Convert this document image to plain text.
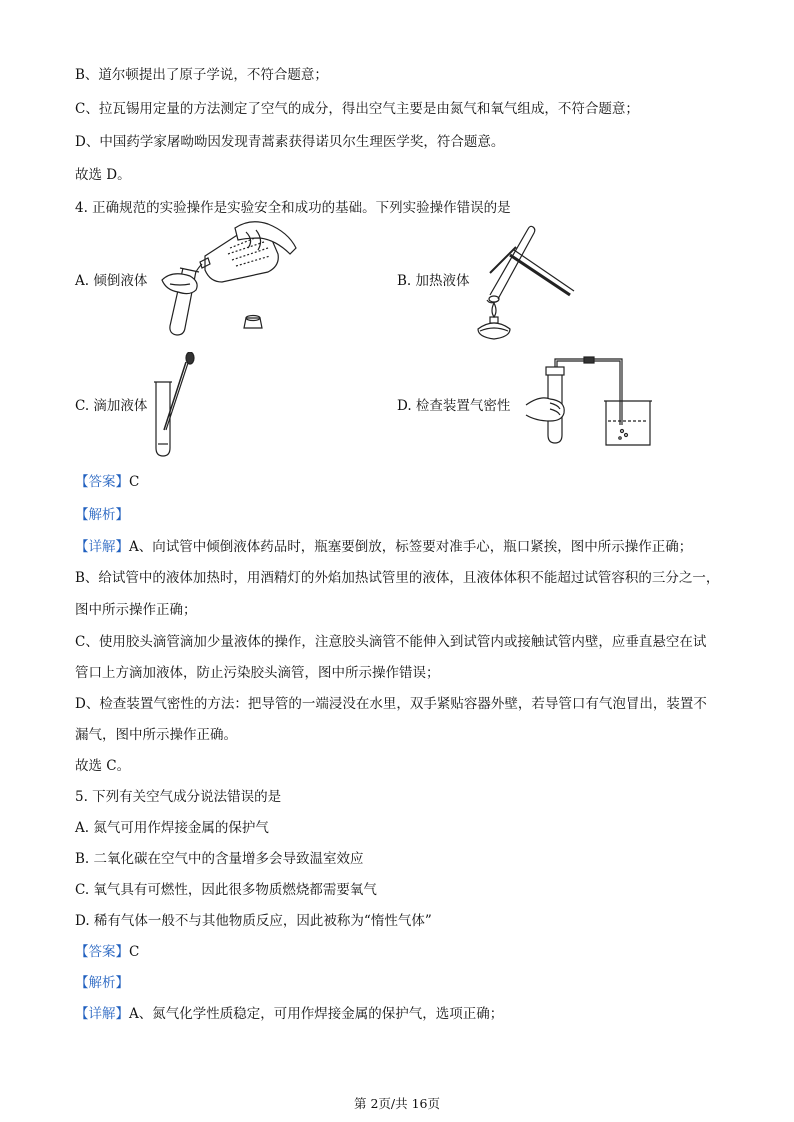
B、道尔顿提出了原子学说，不符合题意；
C、拉瓦锡用定量的方法测定了空气的成分，得出空气主要是由氮气和氧气组成，不符合题意；
D、中国药学家屠呦呦因发现青蒿素获得诺贝尔生理医学奖，符合题意。
故选 D。
4. 正确规范的实验操作是实验安全和成功的基础。下列实验操作错误的是
A. 倾倒液体	B. 加热液体
C. 滴加液体	D. 检查装置气密性
【答案】C
【解析】
【详解】A、向试管中倾倒液体药品时，瓶塞要倒放，标签要对准手心，瓶口紧挨，图中所示操作正确；
B、给试管中的液体加热时，用酒精灯的外焰加热试管里的液体，且液体体积不能超过试管容积的三分之一，
图中所示操作正确；
C、使用胶头滴管滴加少量液体的操作，注意胶头滴管不能伸入到试管内或接触试管内壁，应垂直悬空在试
管口上方滴加液体，防止污染胶头滴管，图中所示操作错误；
D、检查装置气密性的方法：把导管的一端浸没在水里，双手紧贴容器外壁，若导管口有气泡冒出，装置不
漏气，图中所示操作正确。
故选 C。
5. 下列有关空气成分说法错误的是
A. 氮气可用作焊接金属的保护气
B. 二氧化碳在空气中的含量增多会导致温室效应
C. 氧气具有可燃性，因此很多物质燃烧都需要氧气
D. 稀有气体一般不与其他物质反应，因此被称为“惰性气体”
【答案】C
【解析】
【详解】A、氮气化学性质稳定，可用作焊接金属的保护气，选项正确；
第 2页/共 16页
